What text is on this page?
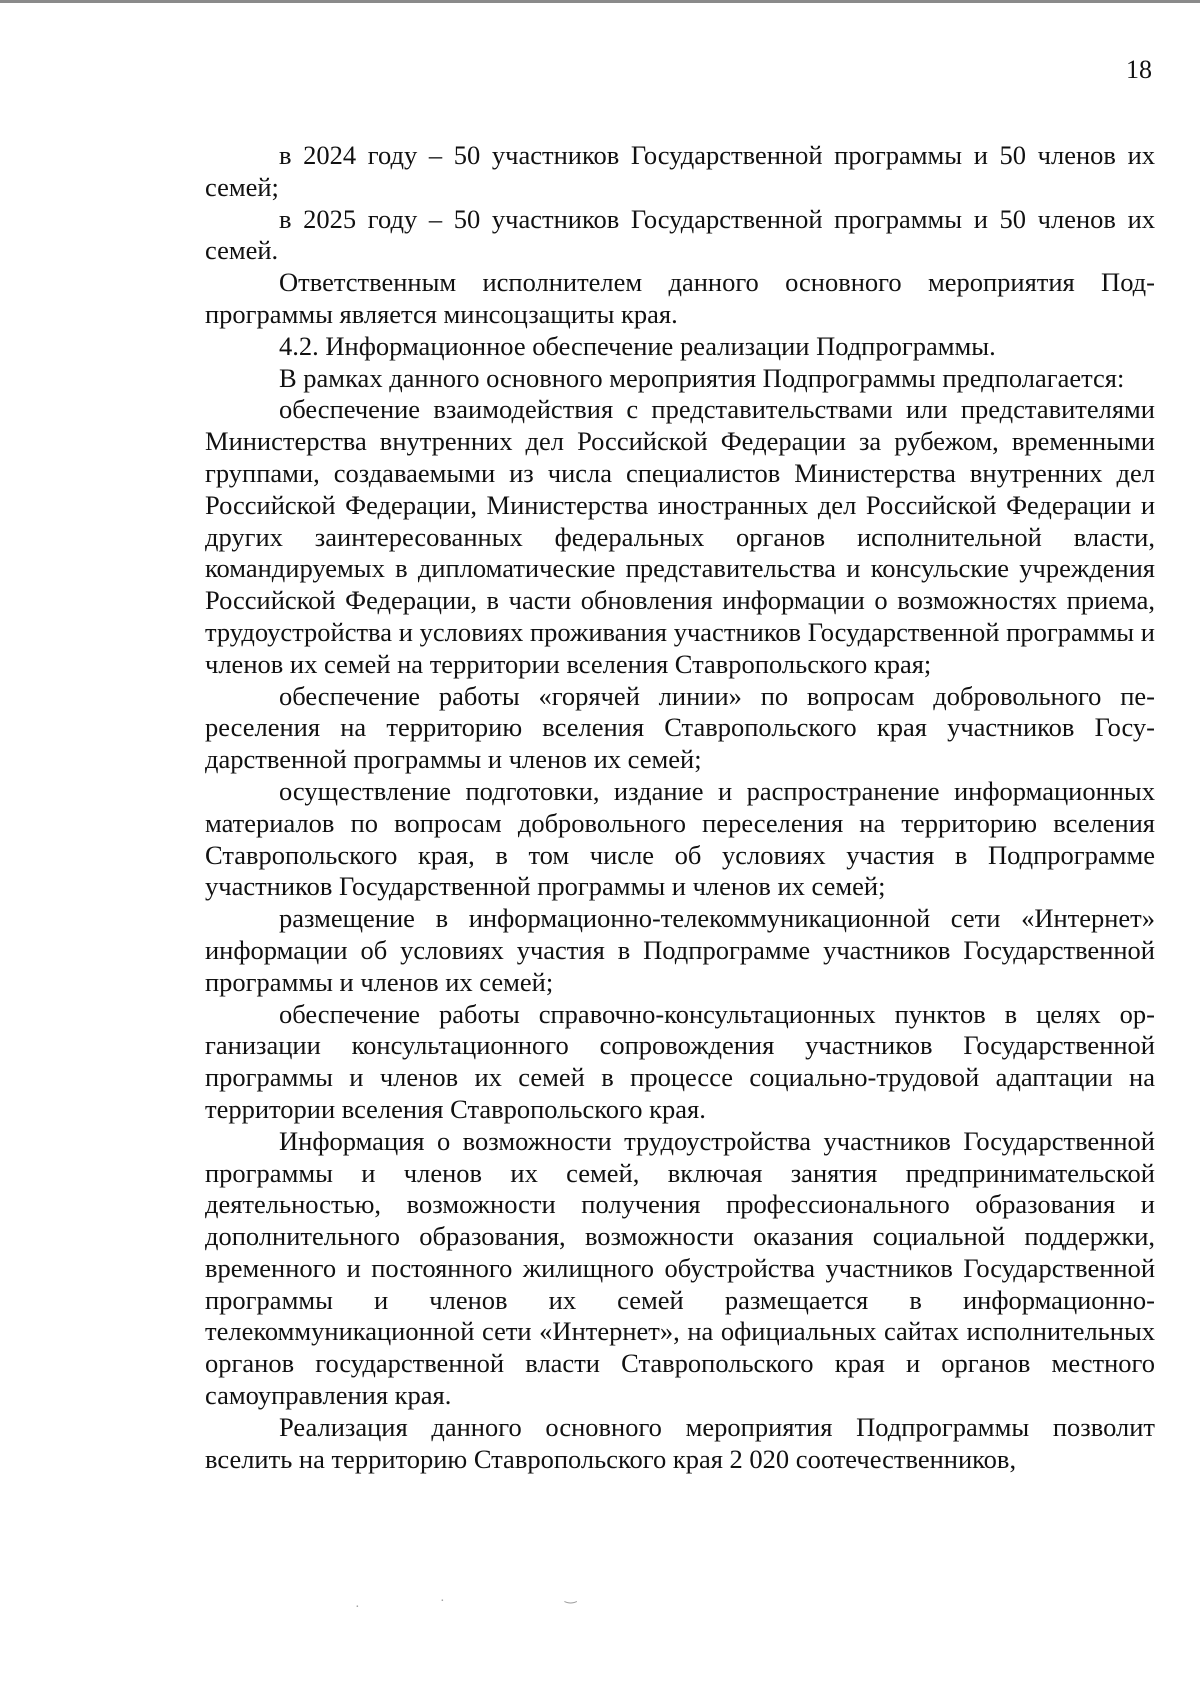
18

в 2024 году – 50 участников Государственной программы и 50 членов их семей;

в 2025 году – 50 участников Государственной программы и 50 членов их семей.

Ответственным исполнителем данного основного мероприятия Подпрограммы является минсоцзащиты края.

4.2. Информационное обеспечение реализации Подпрограммы.

В рамках данного основного мероприятия Подпрограммы предполагается:

обеспечение взаимодействия с представительствами или представителями Министерства внутренних дел Российской Федерации за рубежом, временными группами, создаваемыми из числа специалистов Министерства внутренних дел Российской Федерации, Министерства иностранных дел Российской Федерации и других заинтересованных федеральных органов исполнительной власти, командируемых в дипломатические представительства и консульские учреждения Российской Федерации, в части обновления информации о возможностях приема, трудоустройства и условиях проживания участников Государственной программы и членов их семей на территории вселения Ставропольского края;

обеспечение работы «горячей линии» по вопросам добровольного переселения на территорию вселения Ставропольского края участников Государственной программы и членов их семей;

осуществление подготовки, издание и распространение информационных материалов по вопросам добровольного переселения на территорию вселения Ставропольского края, в том числе об условиях участия в Подпрограмме участников Государственной программы и членов их семей;

размещение в информационно-телекоммуникационной сети «Интернет» информации об условиях участия в Подпрограмме участников Государственной программы и членов их семей;

обеспечение работы справочно-консультационных пунктов в целях организации консультационного сопровождения участников Государственной программы и членов их семей в процессе социально-трудовой адаптации на территории вселения Ставропольского края.

Информация о возможности трудоустройства участников Государственной программы и членов их семей, включая занятия предпринимательской деятельностью, возможности получения профессионального образования и дополнительного образования, возможности оказания социальной поддержки, временного и постоянного жилищного обустройства участников Государственной программы и членов их семей размещается в информационно-телекоммуникационной сети «Интернет», на официальных сайтах исполнительных органов государственной власти Ставропольского края и органов местного самоуправления края.

Реализация данного основного мероприятия Подпрограммы позволит вселить на территорию Ставропольского края 2 020 соотечественников,

·	·	‿
